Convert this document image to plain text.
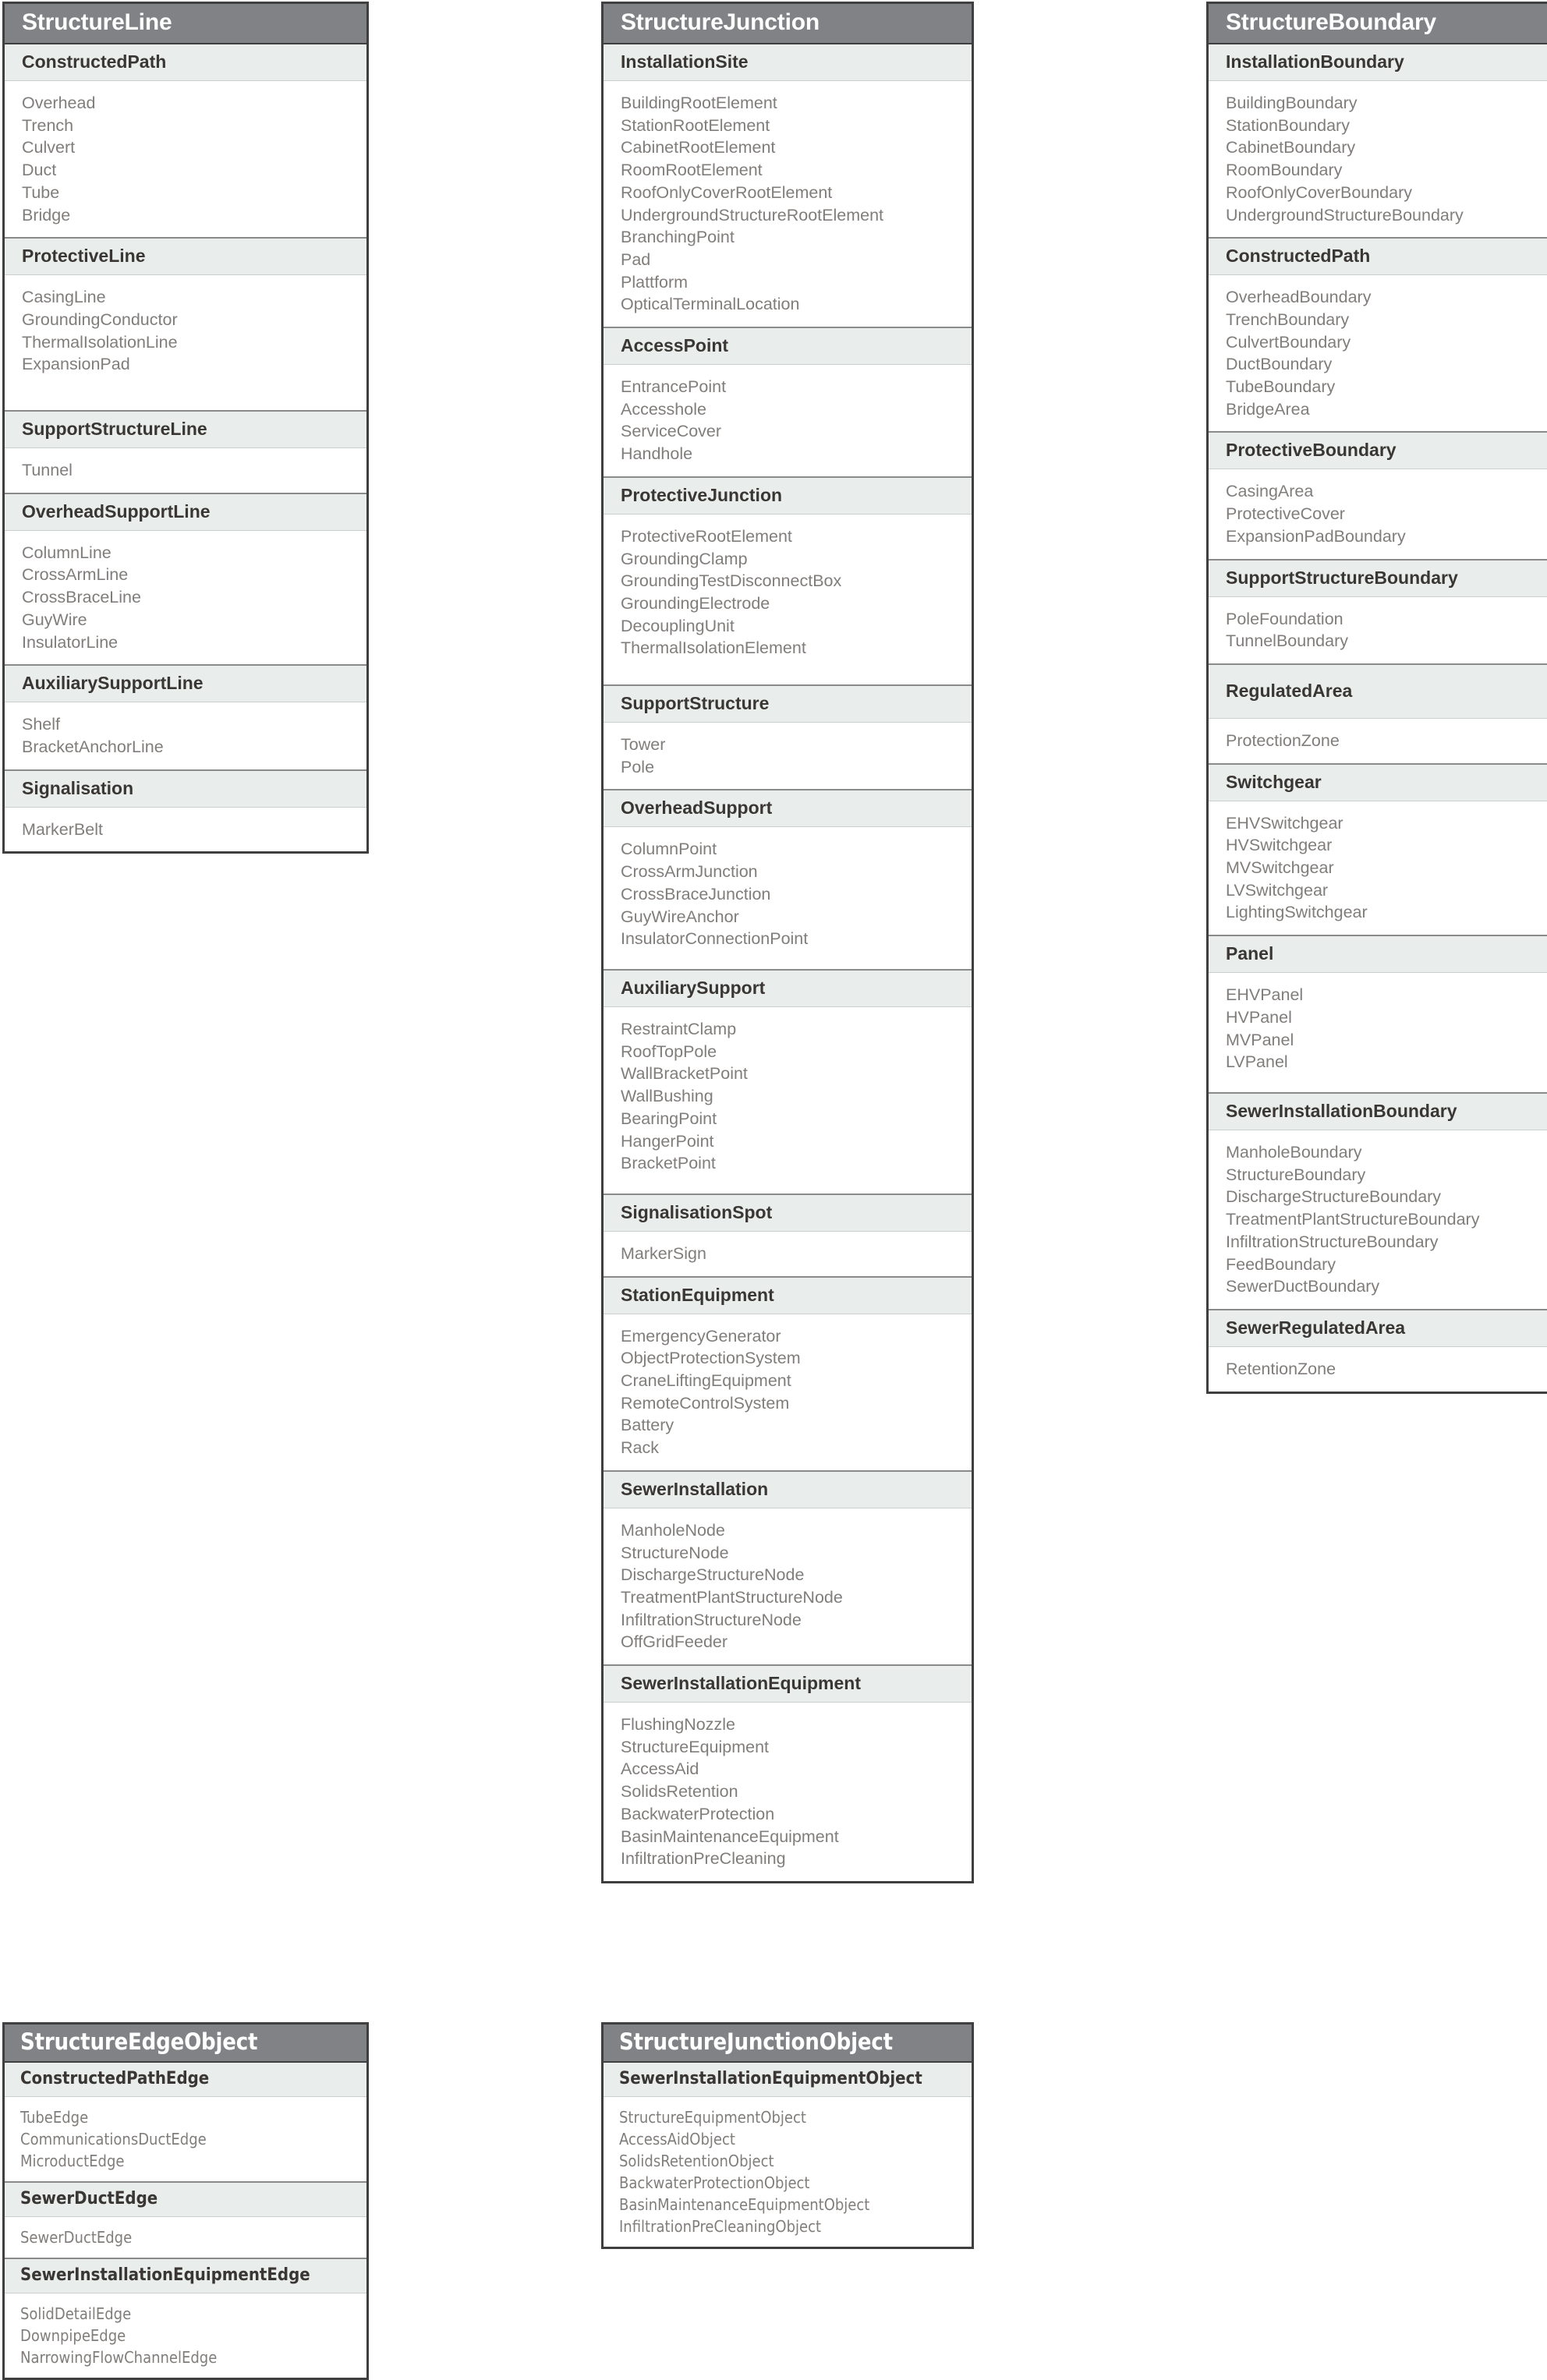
StructureLine
ConstructedPath
Overhead
Trench
Culvert
Duct
Tube
Bridge
ProtectiveLine
CasingLine
GroundingConductor
ThermalIsolationLine
ExpansionPad
SupportStructureLine
Tunnel
OverheadSupportLine
ColumnLine
CrossArmLine
CrossBraceLine
GuyWire
InsulatorLine
AuxiliarySupportLine
Shelf
BracketAnchorLine
Signalisation
MarkerBelt
StructureJunction
InstallationSite
BuildingRootElement
StationRootElement
CabinetRootElement
RoomRootElement
RoofOnlyCoverRootElement
UndergroundStructureRootElement
BranchingPoint
Pad
Plattform
OpticalTerminalLocation
AccessPoint
EntrancePoint
Accesshole
ServiceCover
Handhole
ProtectiveJunction
ProtectiveRootElement
GroundingClamp
GroundingTestDisconnectBox
GroundingElectrode
DecouplingUnit
ThermalIsolationElement
SupportStructure
Tower
Pole
OverheadSupport
ColumnPoint
CrossArmJunction
CrossBraceJunction
GuyWireAnchor
InsulatorConnectionPoint
AuxiliarySupport
RestraintClamp
RoofTopPole
WallBracketPoint
WallBushing
BearingPoint
HangerPoint
BracketPoint
SignalisationSpot
MarkerSign
StationEquipment
EmergencyGenerator
ObjectProtectionSystem
CraneLiftingEquipment
RemoteControlSystem
Battery
Rack
SewerInstallation
ManholeNode
StructureNode
DischargeStructureNode
TreatmentPlantStructureNode
InfiltrationStructureNode
OffGridFeeder
SewerInstallationEquipment
FlushingNozzle
StructureEquipment
AccessAid
SolidsRetention
BackwaterProtection
BasinMaintenanceEquipment
InfiltrationPreCleaning
StructureBoundary
InstallationBoundary
BuildingBoundary
StationBoundary
CabinetBoundary
RoomBoundary
RoofOnlyCoverBoundary
UndergroundStructureBoundary
ConstructedPath
OverheadBoundary
TrenchBoundary
CulvertBoundary
DuctBoundary
TubeBoundary
BridgeArea
ProtectiveBoundary
CasingArea
ProtectiveCover
ExpansionPadBoundary
SupportStructureBoundary
PoleFoundation
TunnelBoundary
RegulatedArea
ProtectionZone
Switchgear
EHVSwitchgear
HVSwitchgear
MVSwitchgear
LVSwitchgear
LightingSwitchgear
Panel
EHVPanel
HVPanel
MVPanel
LVPanel
SewerInstallationBoundary
ManholeBoundary
StructureBoundary
DischargeStructureBoundary
TreatmentPlantStructureBoundary
InfiltrationStructureBoundary
FeedBoundary
SewerDuctBoundary
SewerRegulatedArea
RetentionZone
StructureEdgeObject
ConstructedPathEdge
TubeEdge
CommunicationsDuctEdge
MicroductEdge
SewerDuctEdge
SewerDuctEdge
SewerInstallationEquipmentEdge
SolidDetailEdge
DownpipeEdge
NarrowingFlowChannelEdge
StructureJunctionObject
SewerInstallationEquipmentObject
StructureEquipmentObject
AccessAidObject
SolidsRetentionObject
BackwaterProtectionObject
BasinMaintenanceEquipmentObject
InfiltrationPreCleaningObject
